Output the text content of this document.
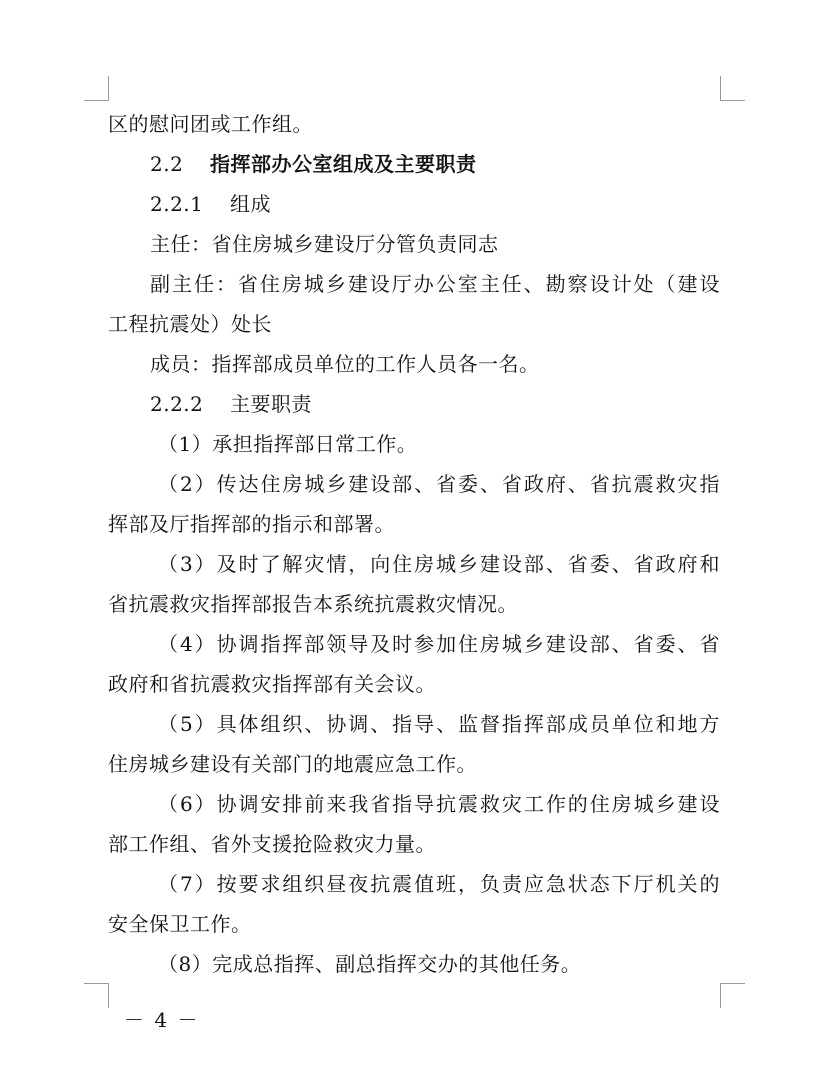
区的慰问团或工作组。
2.2 指挥部办公室组成及主要职责
2.2.1 组成
主任：省住房城乡建设厅分管负责同志
副主任：省住房城乡建设厅办公室主任、勘察设计处（建设
工程抗震处）处长
成员：指挥部成员单位的工作人员各一名。
2.2.2 主要职责
（1）承担指挥部日常工作。
（2）传达住房城乡建设部、省委、省政府、省抗震救灾指
挥部及厅指挥部的指示和部署。
（3）及时了解灾情，向住房城乡建设部、省委、省政府和
省抗震救灾指挥部报告本系统抗震救灾情况。
（4）协调指挥部领导及时参加住房城乡建设部、省委、省
政府和省抗震救灾指挥部有关会议。
（5）具体组织、协调、指导、监督指挥部成员单位和地方
住房城乡建设有关部门的地震应急工作。
（6）协调安排前来我省指导抗震救灾工作的住房城乡建设
部工作组、省外支援抢险救灾力量。
（7）按要求组织昼夜抗震值班，负责应急状态下厅机关的
安全保卫工作。
（8）完成总指挥、副总指挥交办的其他任务。
－ 4 －
